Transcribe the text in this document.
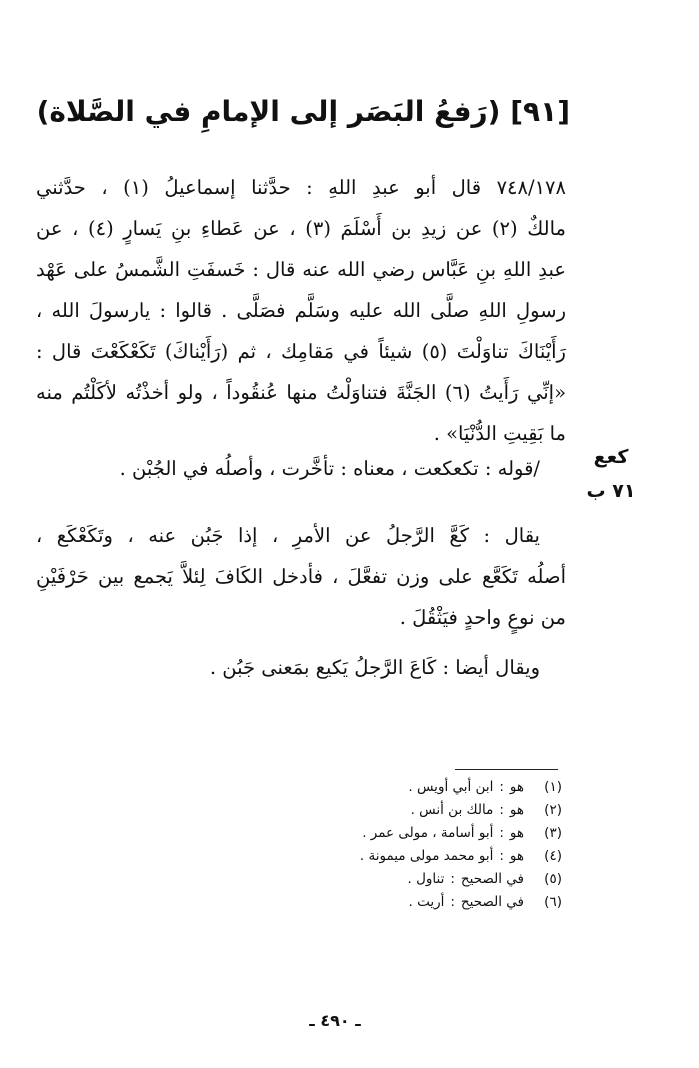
[٩١] (رَفعُ البَصَر إلى الإمامِ في الصَّلاة)
٧٤٨/١٧٨ قال أبو عبدِ اللهِ : حدَّثنا إسماعيلُ (١) ، حدَّثني
مالكٌ (٢) عن زيدِ بن أَسْلَمَ (٣) ، عن عَطاءِ بنِ يَسارٍ (٤) ، عن
عبدِ اللهِ بنِ عَبَّاس رضي الله عنه قال : خَسفَتِ الشَّمسُ على عَهْد
رسولِ اللهِ صلَّى الله عليه وسَلَّم فصَلَّى . قالوا : يارسولَ الله ،
رَأَيْنَاكَ تناوَلْتَ (٥) شيئاً في مَقامِك ، ثم (رَأَيْناكَ) تَكَعْكَعْتَ قال :
«إنِّي رَأَيتُ (٦) الجَنَّةَ فتناوَلْتُ منها عُنقُوداً ، ولو أخذْتُه لأكَلْتُم منه
ما بَقِيتِ الدُّنْيَا» .
كعع
٧١ ب
/قوله : تكعكعت ، معناه : تأخَّرت ، وأصلُه في الجُبْن .
يقال : كَعَّ الرَّجلُ عن الأمرِ ، إذا جَبُن عنه ، وتَكَعْكَع ،
أصلُه تَكَعَّع على وزن تفعَّلَ ، فأدخل الكَافَ لِئلاَّ يَجمع بين حَرْفَيْنِ
من نوعٍ واحدٍ فيَثْقُلَ .
ويقال أيضا : كَاعَ الرَّجلُ يَكيع بمَعنى جَبُن .
(١)هو:ابن أبي أويس .
(٢)هو:مالك بن أنس .
(٣)هو:أبو أسامة ، مولى عمر .
(٤)هو:أبو محمد مولى ميمونة .
(٥)في الصحيح:تناول .
(٦)في الصحيح:أريت .
ـ ٤٩٠ ـ
